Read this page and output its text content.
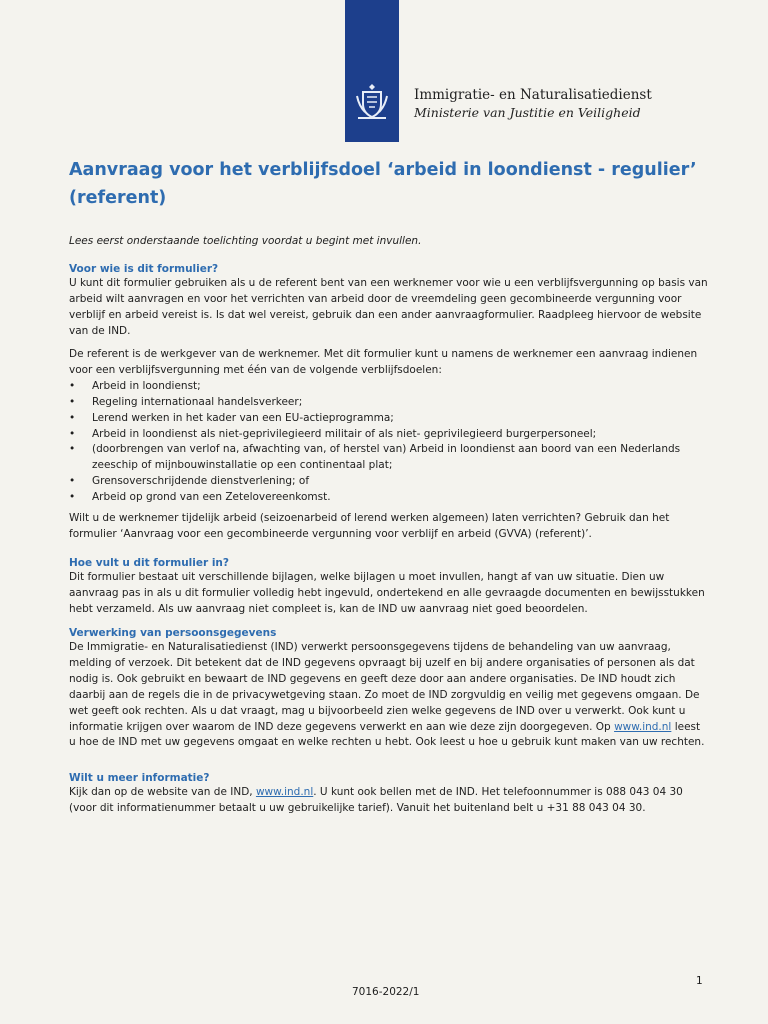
Immigratie- en Naturalisatiedienst
Ministerie van Justitie en Veiligheid
Aanvraag voor het verblijfsdoel ‘arbeid in loondienst - regulier’ (referent)

Lees eerst onderstaande toelichting voordat u begint met invullen.

Voor wie is dit formulier?

U kunt dit formulier gebruiken als u de referent bent van een werknemer voor wie u een verblijfsvergunning op basis van arbeid wilt aanvragen en voor het verrichten van arbeid door de vreemdeling geen gecombineerde vergunning voor verblijf en arbeid vereist is. Is dat wel vereist, gebruik dan een ander aanvraagformulier. Raadpleeg hiervoor de website van de IND.

De referent is de werkgever van de werknemer. Met dit formulier kunt u namens de werknemer een aanvraag indienen voor een verblijfsvergunning met één van de volgende verblijfsdoelen:

• Arbeid in loondienst;
• Regeling internationaal handelsverkeer;
• Lerend werken in het kader van een EU-actieprogramma;
• Arbeid in loondienst als niet-geprivilegieerd militair of als niet- geprivilegieerd burgerpersoneel;
• (doorbrengen van verlof na, afwachting van, of herstel van) Arbeid in loondienst aan boord van een Nederlands zeeschip of mijnbouwinstallatie op een continentaal plat;
• Grensoverschrijdende dienstverlening; of
• Arbeid op grond van een Zetelovereenkomst.

Wilt u de werknemer tijdelijk arbeid (seizoenarbeid of lerend werken algemeen) laten verrichten? Gebruik dan het formulier ‘Aanvraag voor een gecombineerde vergunning voor verblijf en arbeid (GVVA) (referent)’.

Hoe vult u dit formulier in?

Dit formulier bestaat uit verschillende bijlagen, welke bijlagen u moet invullen, hangt af van uw situatie. Dien uw aanvraag pas in als u dit formulier volledig hebt ingevuld, ondertekend en alle gevraagde documenten en bewijsstukken hebt verzameld. Als uw aanvraag niet compleet is, kan de IND uw aanvraag niet goed beoordelen.

Verwerking van persoonsgegevens

De Immigratie- en Naturalisatiedienst (IND) verwerkt persoonsgegevens tijdens de behandeling van uw aanvraag, melding of verzoek. Dit betekent dat de IND gegevens opvraagt bij uzelf en bij andere organisaties of personen als dat nodig is. Ook gebruikt en bewaart de IND gegevens en geeft deze door aan andere organisaties. De IND houdt zich daarbij aan de regels die in de privacywetgeving staan. Zo moet de IND zorgvuldig en veilig met gegevens omgaan. De wet geeft ook rechten. Als u dat vraagt, mag u bijvoorbeeld zien welke gegevens de IND over u verwerkt. Ook kunt u informatie krijgen over waarom de IND deze gegevens verwerkt en aan wie deze zijn doorgegeven. Op www.ind.nl leest u hoe de IND met uw gegevens omgaat en welke rechten u hebt. Ook leest u hoe u gebruik kunt maken van uw rechten.

Wilt u meer informatie?

Kijk dan op de website van de IND, www.ind.nl. U kunt ook bellen met de IND. Het telefoonnummer is 088 043 04 30 (voor dit informatienummer betaalt u uw gebruikelijke tarief). Vanuit het buitenland belt u +31 88 043 04 30.

1
7016-2022/1
